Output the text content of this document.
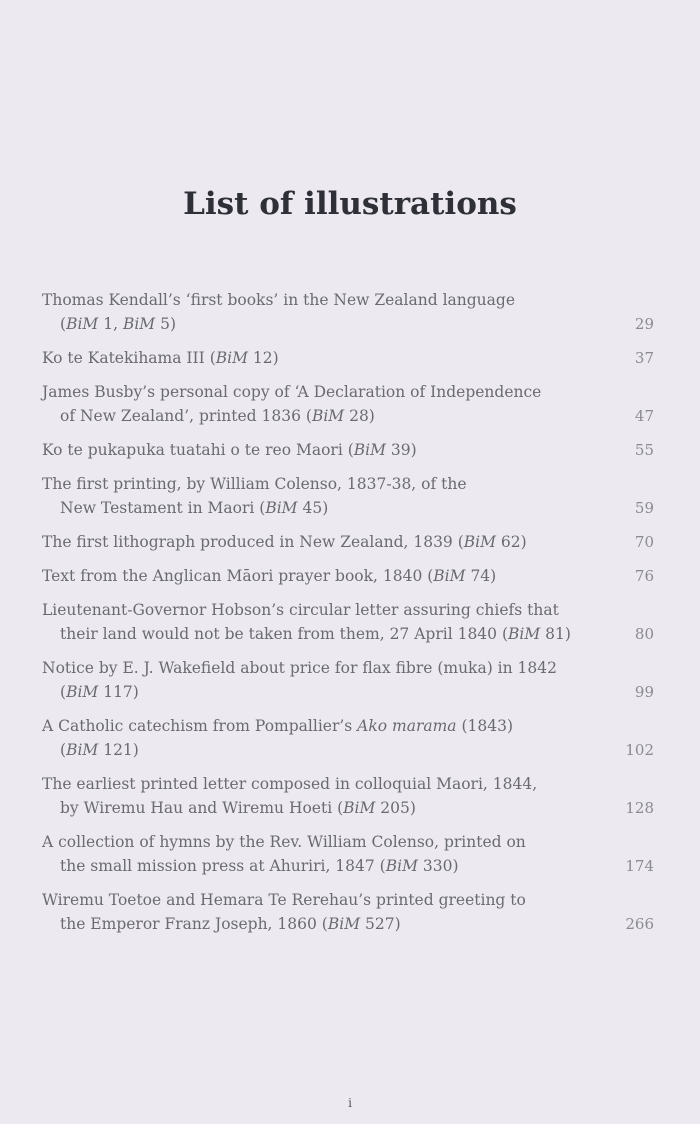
List of illustrations
Thomas Kendall’s ‘first books’ in the New Zealand language
(BiM 1, BiM 5)	29
Ko te Katekihama III (BiM 12)	37
James Busby’s personal copy of ‘A Declaration of Independence
of New Zealand’, printed 1836 (BiM 28)	47
Ko te pukapuka tuatahi o te reo Maori (BiM 39)	55
The first printing, by William Colenso, 1837-38, of the
New Testament in Maori (BiM 45)	59
The first lithograph produced in New Zealand, 1839 (BiM 62)	70
Text from the Anglican Māori prayer book, 1840 (BiM 74)	76
Lieutenant-Governor Hobson’s circular letter assuring chiefs that
their land would not be taken from them, 27 April 1840 (BiM 81)	80
Notice by E. J. Wakefield about price for flax fibre (muka) in 1842
(BiM 117)	99
A Catholic catechism from Pompallier’s Ako marama (1843)
(BiM 121)	102
The earliest printed letter composed in colloquial Maori, 1844,
by Wiremu Hau and Wiremu Hoeti (BiM 205)	128
A collection of hymns by the Rev. William Colenso, printed on
the small mission press at Ahuriri, 1847 (BiM 330)	174
Wiremu Toetoe and Hemara Te Rerehau’s printed greeting to
the Emperor Franz Joseph, 1860 (BiM 527)	266
i
